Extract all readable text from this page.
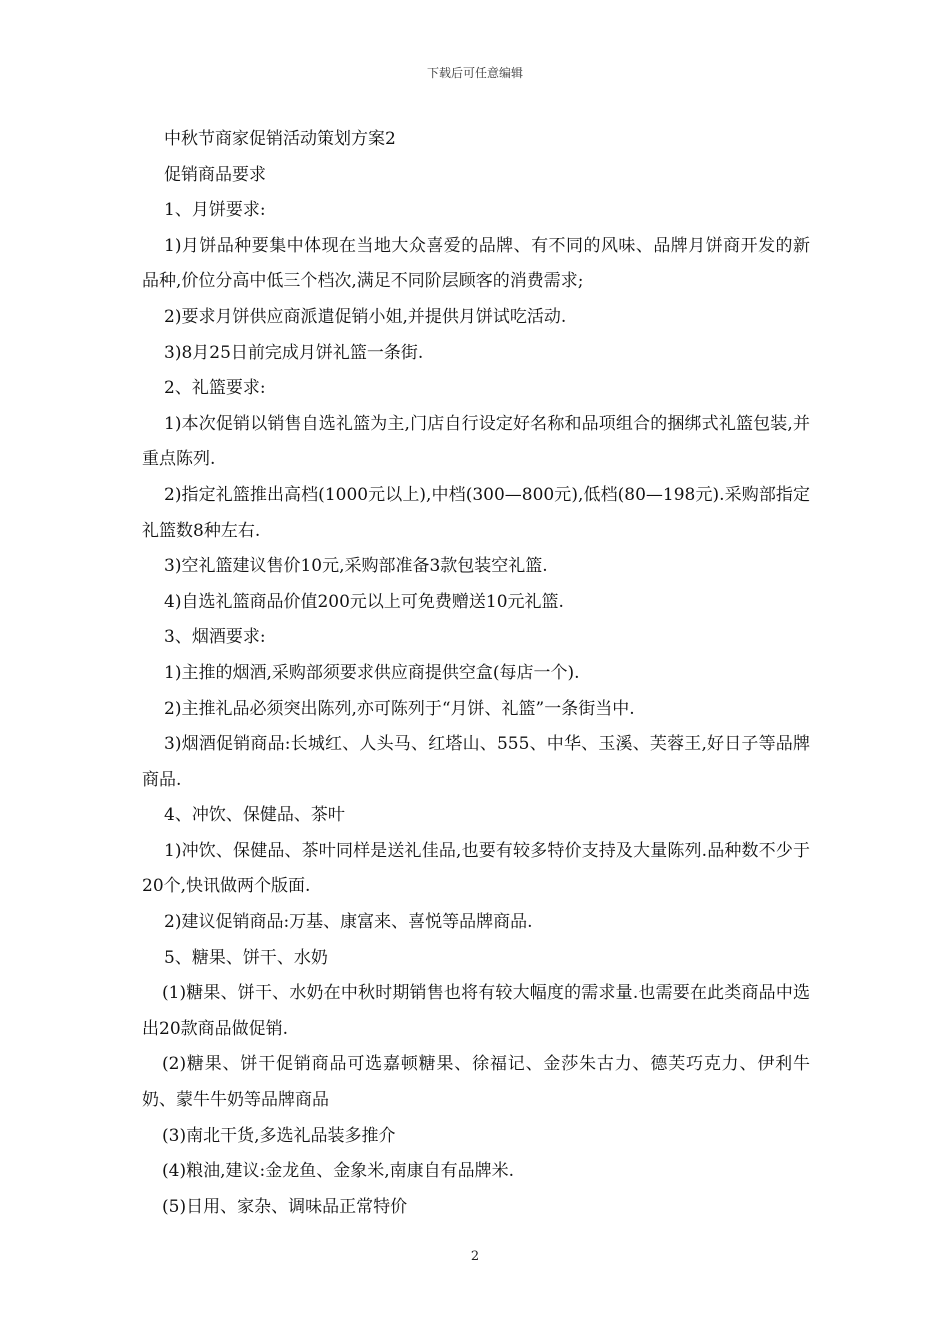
下载后可任意编辑

中秋节商家促销活动策划方案2

促销商品要求

1、月饼要求:

1)月饼品种要集中体现在当地大众喜爱的品牌、有不同的风味、品牌月饼商开发的新品种,价位分高中低三个档次,满足不同阶层顾客的消费需求;

2)要求月饼供应商派遣促销小姐,并提供月饼试吃活动.

3)8月25日前完成月饼礼篮一条街.

2、礼篮要求:

1)本次促销以销售自选礼篮为主,门店自行设定好名称和品项组合的捆绑式礼篮包装,并重点陈列.

2)指定礼篮推出高档(1000元以上),中档(300—800元),低档(80—198元).采购部指定礼篮数8种左右.

3)空礼篮建议售价10元,采购部准备3款包装空礼篮.

4)自选礼篮商品价值200元以上可免费赠送10元礼篮.

3、烟酒要求:

1)主推的烟酒,采购部须要求供应商提供空盒(每店一个).

2)主推礼品必须突出陈列,亦可陈列于“月饼、礼篮”一条街当中.

3)烟酒促销商品:长城红、人头马、红塔山、555、中华、玉溪、芙蓉王,好日子等品牌商品.

4、冲饮、保健品、茶叶

1)冲饮、保健品、茶叶同样是送礼佳品,也要有较多特价支持及大量陈列.品种数不少于20个,快讯做两个版面.

2)建议促销商品:万基、康富来、喜悦等品牌商品.

5、糖果、饼干、水奶

(1)糖果、饼干、水奶在中秋时期销售也将有较大幅度的需求量.也需要在此类商品中选出20款商品做促销.

(2)糖果、饼干促销商品可选嘉顿糖果、徐福记、金莎朱古力、德芙巧克力、伊利牛奶、蒙牛牛奶等品牌商品

(3)南北干货,多选礼品装多推介

(4)粮油,建议:金龙鱼、金象米,南康自有品牌米.

(5)日用、家杂、调味品正常特价

2
